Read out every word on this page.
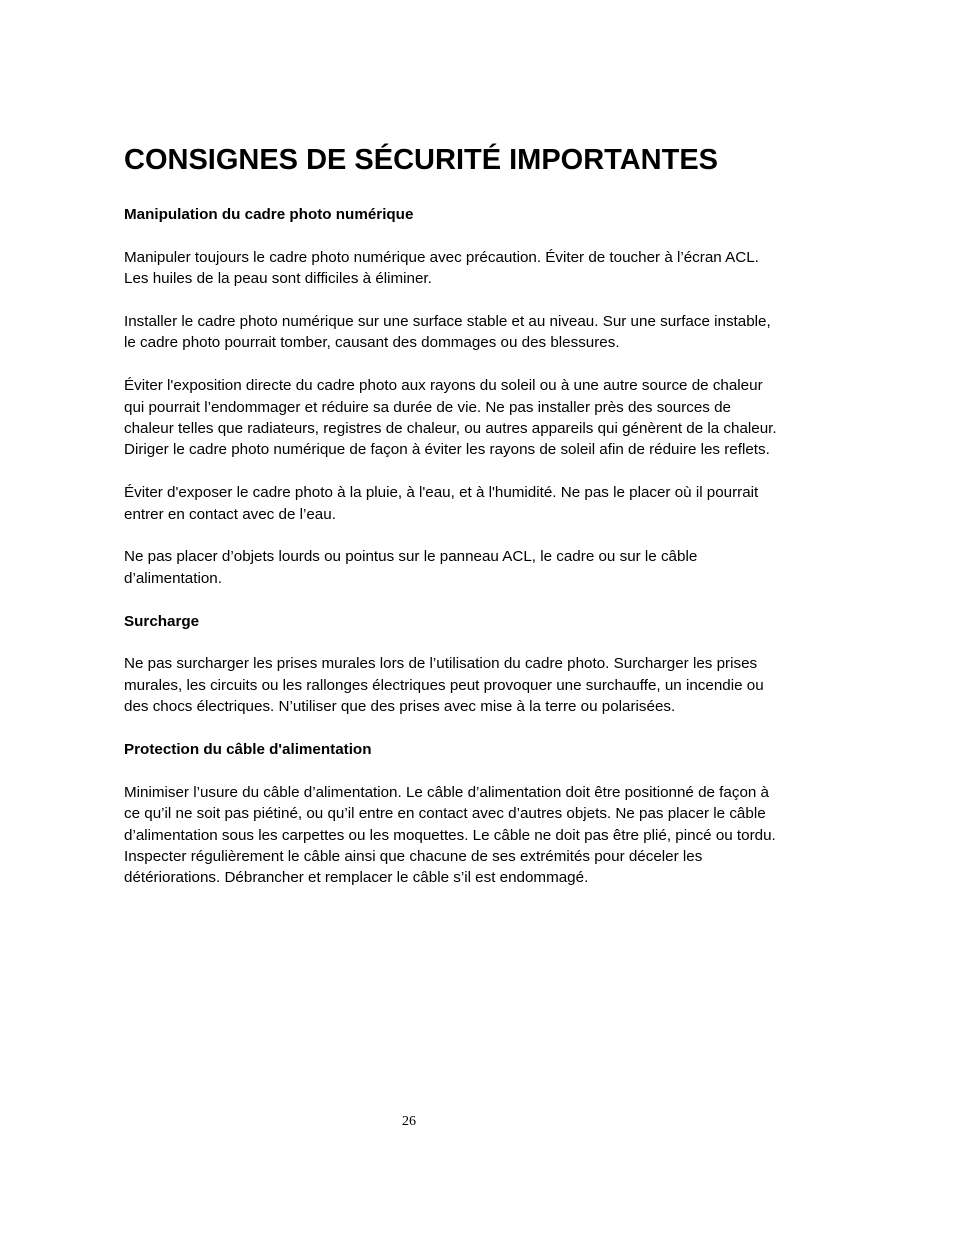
CONSIGNES DE SÉCURITÉ IMPORTANTES
Manipulation du cadre photo numérique

Manipuler toujours le cadre photo numérique avec précaution. Éviter de toucher à l’écran ACL. Les huiles de la peau sont difficiles à éliminer.

Installer le cadre photo numérique sur une surface stable et au niveau. Sur une surface instable, le cadre photo pourrait tomber, causant des dommages ou des blessures.

Éviter l'exposition directe du cadre photo aux rayons du soleil ou à une autre source de chaleur qui pourrait l’endommager et réduire sa durée de vie. Ne pas installer près des sources de chaleur telles que radiateurs, registres de chaleur, ou autres appareils qui génèrent de la chaleur. Diriger le cadre photo numérique de façon à éviter les rayons de soleil afin de réduire les reflets.

Éviter d'exposer le cadre photo à la pluie, à l'eau, et à l'humidité. Ne pas le placer où il pourrait entrer en contact avec de l’eau.

Ne pas placer d’objets lourds ou pointus sur le panneau ACL, le cadre ou sur le câble d’alimentation.

Surcharge

Ne pas surcharger les prises murales lors de l’utilisation du cadre photo. Surcharger les prises murales, les circuits ou les rallonges électriques peut provoquer une surchauffe, un incendie ou des chocs électriques. N’utiliser que des prises avec mise à la terre ou polarisées.

Protection du câble d'alimentation

Minimiser l’usure du câble d’alimentation. Le câble d’alimentation doit être positionné de façon à ce qu’il ne soit pas piétiné, ou qu’il entre en contact avec d’autres objets. Ne pas placer le câble d’alimentation sous les carpettes ou les moquettes. Le câble ne doit pas être plié, pincé ou tordu. Inspecter régulièrement le câble ainsi que chacune de ses extrémités pour déceler les détériorations. Débrancher et remplacer le câble s’il est endommagé.

26
